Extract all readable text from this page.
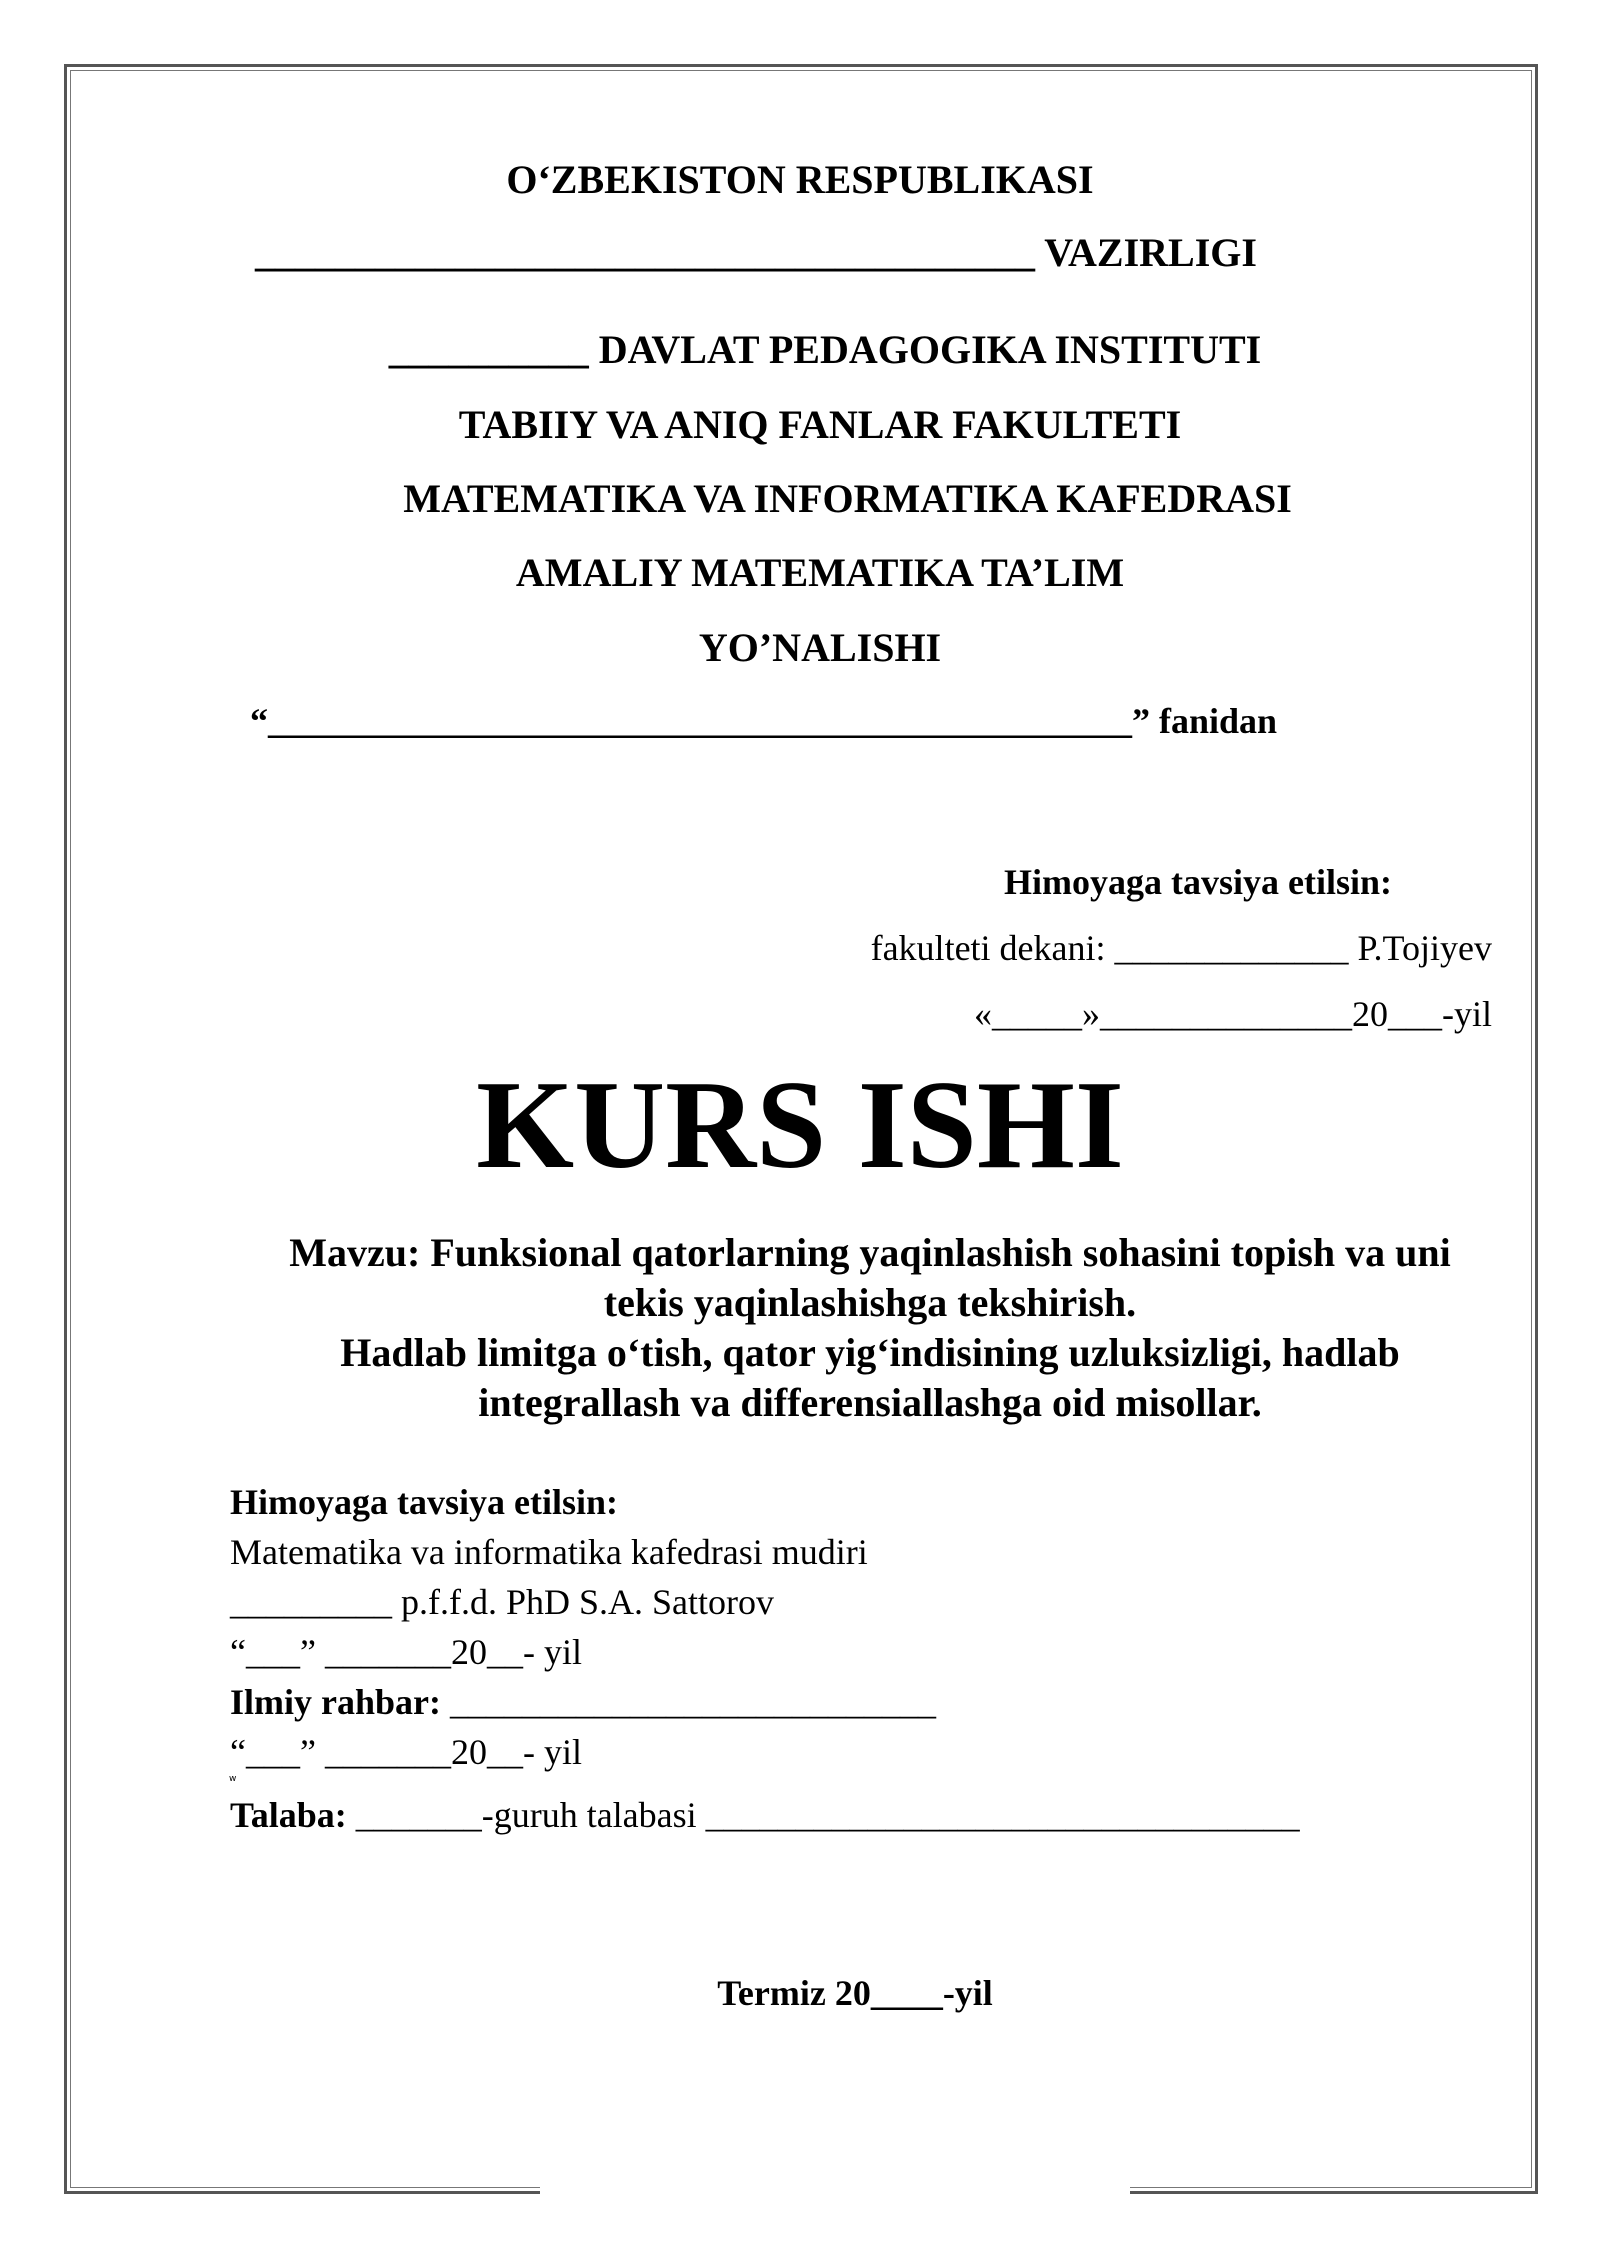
O‘ZBEKISTON RESPUBLIKASI
_______________________________________ VAZIRLIGI
__________ DAVLAT PEDAGOGIKA INSTITUTI
TABIIY VA ANIQ FANLAR FAKULTETI
MATEMATIKA VA INFORMATIKA KAFEDRASI
AMALIY MATEMATIKA TA’LIM
YO’NALISHI
“________________________________________________” fanidan
Himoyaga tavsiya etilsin:
fakulteti dekani: _____________ P.Tojiyev
«_____»______________20___-yil
KURS ISHI
Mavzu: Funksional qatorlarning yaqinlashish sohasini topish va uni
tekis yaqinlashishga tekshirish.
Hadlab limitga o‘tish, qator yig‘indisining uzluksizligi, hadlab
integrallash va differensiallashga oid misollar.
Himoyaga tavsiya etilsin:
Matematika va informatika kafedrasi mudiri
_________ p.f.f.d. PhD S.A. Sattorov
“___” _______20__- yil
Ilmiy rahbar: ___________________________
“___” _______20__- yil
w
Talaba: _______-guruh talabasi _________________________________
Termiz 20____-yil
